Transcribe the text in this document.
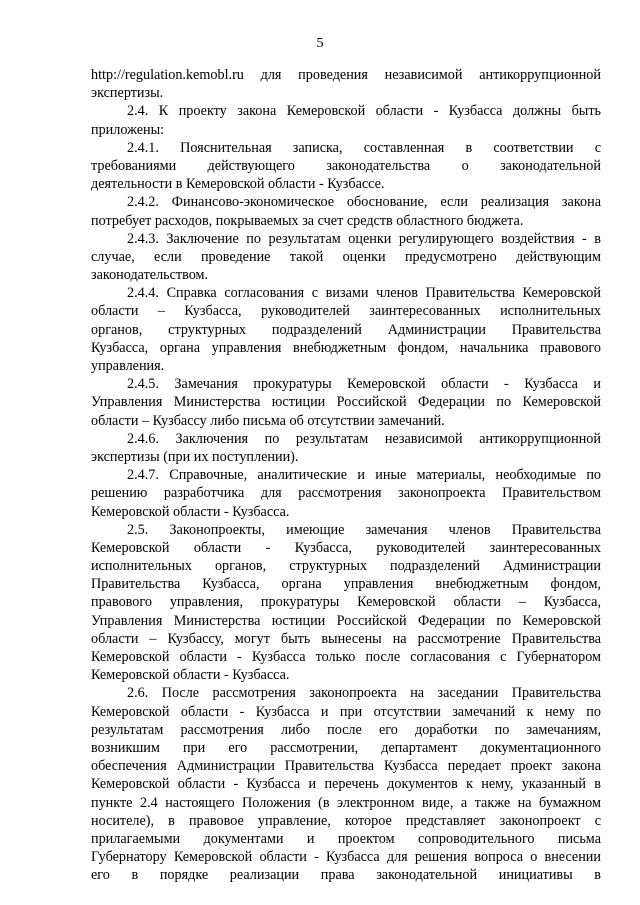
5
http://regulation.kemobl.ru для проведения независимой антикоррупционной
экспертизы.
2.4. К проекту закона Кемеровской области - Кузбасса должны быть
приложены:
2.4.1. Пояснительная записка, составленная в соответствии с
требованиями действующего законодательства о законодательной
деятельности в Кемеровской области - Кузбассе.
2.4.2. Финансово-экономическое обоснование, если реализация закона
потребует расходов, покрываемых за счет средств областного бюджета.
2.4.3. Заключение по результатам оценки регулирующего воздействия - в
случае, если проведение такой оценки предусмотрено действующим
законодательством.
2.4.4. Справка согласования с визами членов Правительства Кемеровской
области – Кузбасса, руководителей заинтересованных исполнительных
органов, структурных подразделений Администрации Правительства
Кузбасса, органа управления внебюджетным фондом, начальника правового
управления.
2.4.5. Замечания прокуратуры Кемеровской области - Кузбасса и
Управления Министерства юстиции Российской Федерации по Кемеровской
области – Кузбассу либо письма об отсутствии замечаний.
2.4.6. Заключения по результатам независимой антикоррупционной
экспертизы (при их поступлении).
2.4.7. Справочные, аналитические и иные материалы, необходимые по
решению разработчика для рассмотрения законопроекта Правительством
Кемеровской области - Кузбасса.
2.5. Законопроекты, имеющие замечания членов Правительства
Кемеровской области - Кузбасса, руководителей заинтересованных
исполнительных органов, структурных подразделений Администрации
Правительства Кузбасса, органа управления внебюджетным фондом,
правового управления, прокуратуры Кемеровской области – Кузбасса,
Управления Министерства юстиции Российской Федерации по Кемеровской
области – Кузбассу, могут быть вынесены на рассмотрение Правительства
Кемеровской области - Кузбасса только после согласования с Губернатором
Кемеровской области - Кузбасса.
2.6. После рассмотрения законопроекта на заседании Правительства
Кемеровской области - Кузбасса и при отсутствии замечаний к нему по
результатам рассмотрения либо после его доработки по замечаниям,
возникшим при его рассмотрении, департамент документационного
обеспечения Администрации Правительства Кузбасса передает проект закона
Кемеровской области - Кузбасса и перечень документов к нему, указанный в
пункте 2.4 настоящего Положения (в электронном виде, а также на бумажном
носителе), в правовое управление, которое представляет законопроект с
прилагаемыми документами и проектом сопроводительного письма
Губернатору Кемеровской области - Кузбасса для решения вопроса о внесении
его в порядке реализации права законодательной инициативы в
